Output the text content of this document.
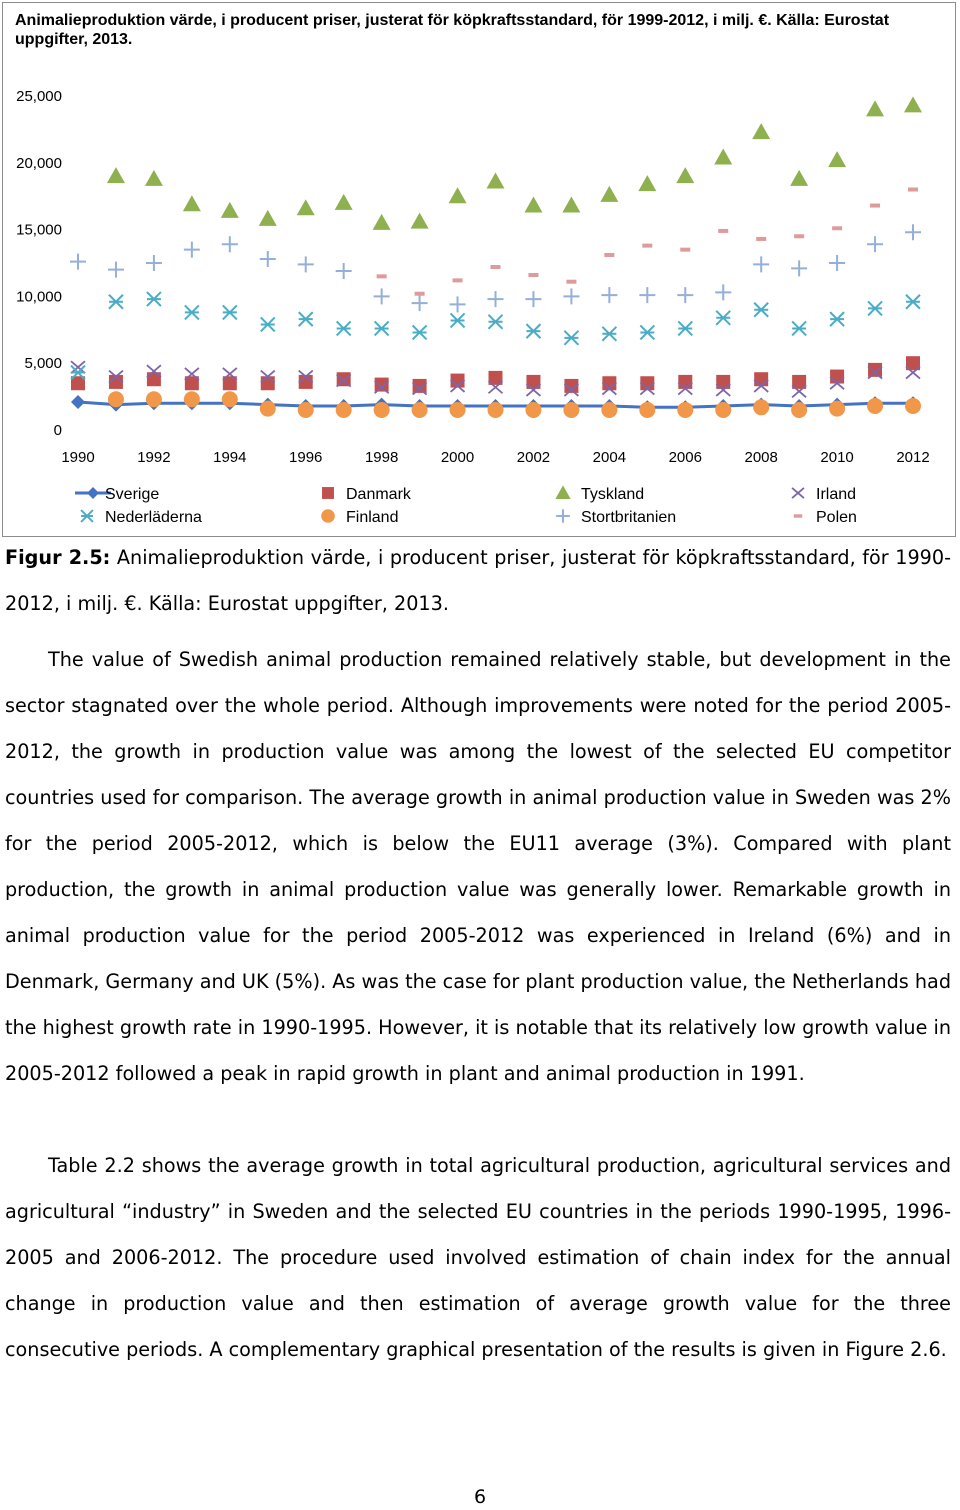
Animalieproduktion värde, i producent priser, justerat för köpkraftsstandard, för 1999-2012, i milj. €. Källa: Eurostat uppgifter, 2013.
0
5,000
10,000
15,000
20,000
25,000
1990	1992	1994	1996	1998	2000	2002	2004	2006	2008	2010	2012
Sverige	Danmark	Tyskland	Irland
Nederläderna	Finland	Stortbritanien	Polen

Figur 2.5: Animalieproduktion värde, i producent priser, justerat för köpkraftsstandard, för 1990-2012, i milj. €. Källa: Eurostat uppgifter, 2013.

The value of Swedish animal production remained relatively stable, but development in the sector stagnated over the whole period. Although improvements were noted for the period 2005-2012, the growth in production value was among the lowest of the selected EU competitor countries used for comparison. The average growth in animal production value in Sweden was 2% for the period 2005-2012, which is below the EU11 average (3%). Compared with plant production, the growth in animal production value was generally lower. Remarkable growth in animal production value for the period 2005-2012 was experienced in Ireland (6%) and in Denmark, Germany and UK (5%). As was the case for plant production value, the Netherlands had the highest growth rate in 1990-1995. However, it is notable that its relatively low growth value in 2005-2012 followed a peak in rapid growth in plant and animal production in 1991.

Table 2.2 shows the average growth in total agricultural production, agricultural services and agricultural “industry” in Sweden and the selected EU countries in the periods 1990-1995, 1996-2005 and 2006-2012. The procedure used involved estimation of chain index for the annual change in production value and then estimation of average growth value for the three consecutive periods. A complementary graphical presentation of the results is given in Figure 2.6.

6
